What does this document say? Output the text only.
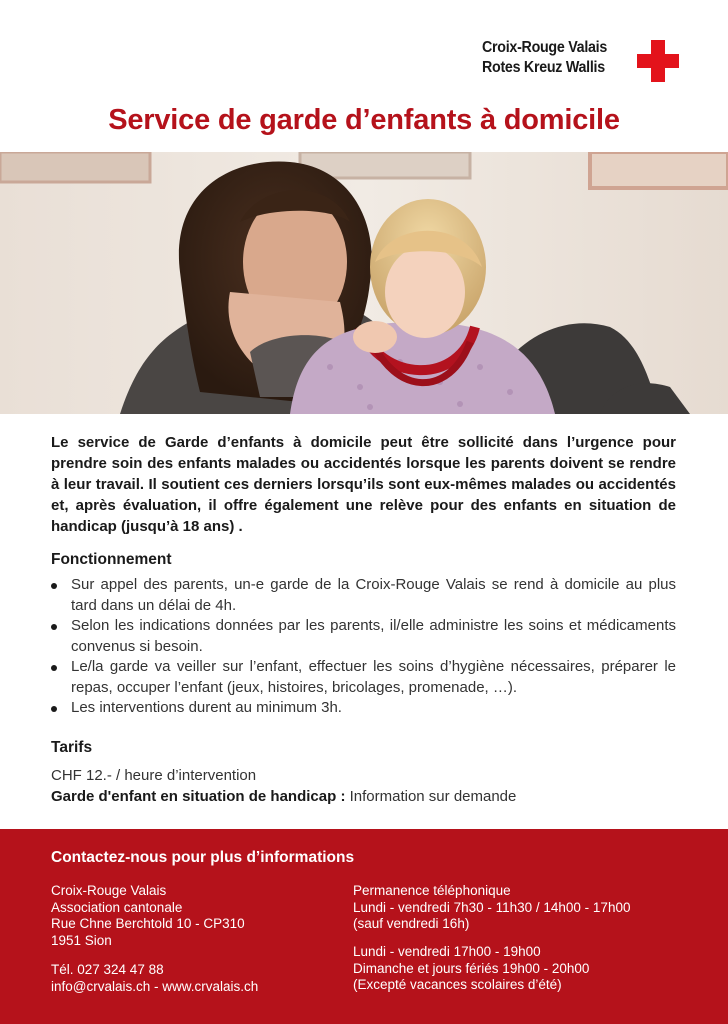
Croix-Rouge Valais
Rotes Kreuz Wallis
Service de garde d’enfants à domicile
Le service de Garde d’enfants à domicile peut être sollicité dans l’urgence pour prendre soin des enfants malades ou accidentés lorsque les parents doivent se rendre à leur travail. Il soutient ces derniers lorsqu’ils sont eux-mêmes malades ou accidentés et, après évaluation, il offre également une relève pour des enfants en situation de handicap (jusqu’à 18 ans) .
Fonctionnement
Sur appel des parents, un-e garde de la Croix-Rouge Valais se rend à domicile au plus tard dans un délai de 4h.
Selon les indications données par les parents, il/elle administre les soins et médicaments convenus si besoin.
Le/la garde va veiller sur l’enfant, effectuer les soins d’hygiène nécessaires, préparer le repas, occuper l’enfant (jeux, histoires, bricolages, promenade, …).
Les interventions durent au minimum 3h.
Tarifs
CHF 12.- / heure d’intervention
Garde d'enfant en situation de handicap : Information sur demande
Contactez-nous pour plus d’informations
Croix-Rouge Valais
Association cantonale
Rue Chne Berchtold 10 - CP310
1951 Sion
Tél. 027 324 47 88
info@crvalais.ch - www.crvalais.ch
Permanence téléphonique
Lundi - vendredi 7h30 - 11h30 / 14h00 - 17h00
(sauf vendredi 16h)
Lundi - vendredi 17h00 - 19h00
Dimanche et jours fériés 19h00 - 20h00
(Excepté vacances scolaires d’été)
